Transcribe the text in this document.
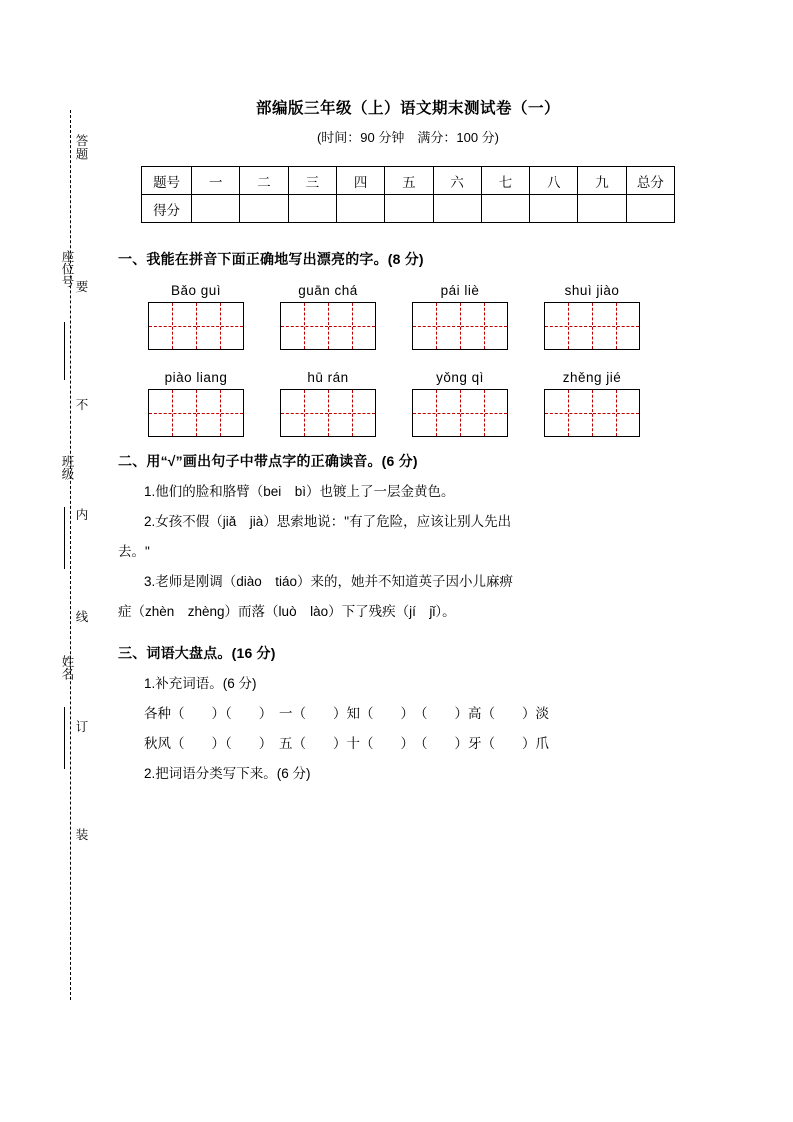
答题
要
不
内
线
订
装
座位号
班级
姓名
部编版三年级（上）语文期末测试卷（一）
(时间：90 分钟　满分：100 分)
题号	一	二	三	四	五	六	七	八	九	总分
得分										
一、我能在拼音下面正确地写出漂亮的字。(8 分)
Bǎo guì	guān chá	pái liè	shuì jiào
piào liang	hū rán	yǒng qì	zhěng jié
二、用“√”画出句子中带点字的正确读音。(6 分)
1.他们的脸和胳臂（bei　bì）也镀上了一层金黄色。
2.女孩不假（jiǎ　jià）思索地说："有了危险，应该让别人先出
去。"
3.老师是刚调（diào　tiáo）来的，她并不知道英子因小儿麻痹
症（zhèn　zhèng）而落（luò　lào）下了残疾（jí　jǐ）。
三、词语大盘点。(16 分)
1.补充词语。(6 分)
各种（　　）（　　）　一（　　）知（　　）　（　　）高（　　）淡
秋风（　　）（　　）　五（　　）十（　　）　（　　）牙（　　）爪
2.把词语分类写下来。(6 分)
